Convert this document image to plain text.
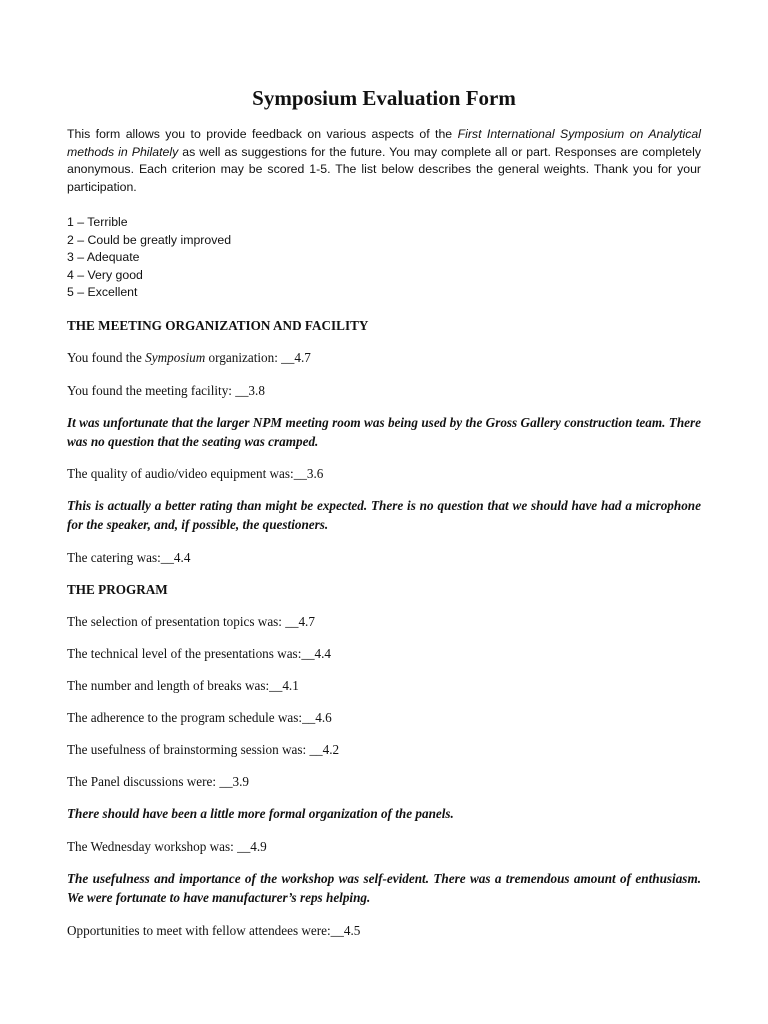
Symposium Evaluation Form

This form allows you to provide feedback on various aspects of the First International Symposium on Analytical methods in Philately as well as suggestions for the future. You may complete all or part. Responses are completely anonymous. Each criterion may be scored 1-5. The list below describes the general weights. Thank you for your participation.

1 – Terrible
2 – Could be greatly improved
3 – Adequate
4 – Very good
5 – Excellent

THE MEETING ORGANIZATION AND FACILITY

You found the Symposium organization: __4.7

You found the meeting facility: __3.8

It was unfortunate that the larger NPM meeting room was being used by the Gross Gallery construction team. There was no question that the seating was cramped.

The quality of audio/video equipment was:__3.6

This is actually a better rating than might be expected. There is no question that we should have had a microphone for the speaker, and, if possible, the questioners.

The catering was:__4.4

THE PROGRAM

The selection of presentation topics was: __4.7

The technical level of the presentations was:__4.4

The number and length of breaks was:__4.1

The adherence to the program schedule was:__4.6

The usefulness of brainstorming session was: __4.2

The Panel discussions were: __3.9

There should have been a little more formal organization of the panels.

The Wednesday workshop was: __4.9

The usefulness and importance of the workshop was self-evident. There was a tremendous amount of enthusiasm. We were fortunate to have manufacturer’s reps helping.

Opportunities to meet with fellow attendees were:__4.5
